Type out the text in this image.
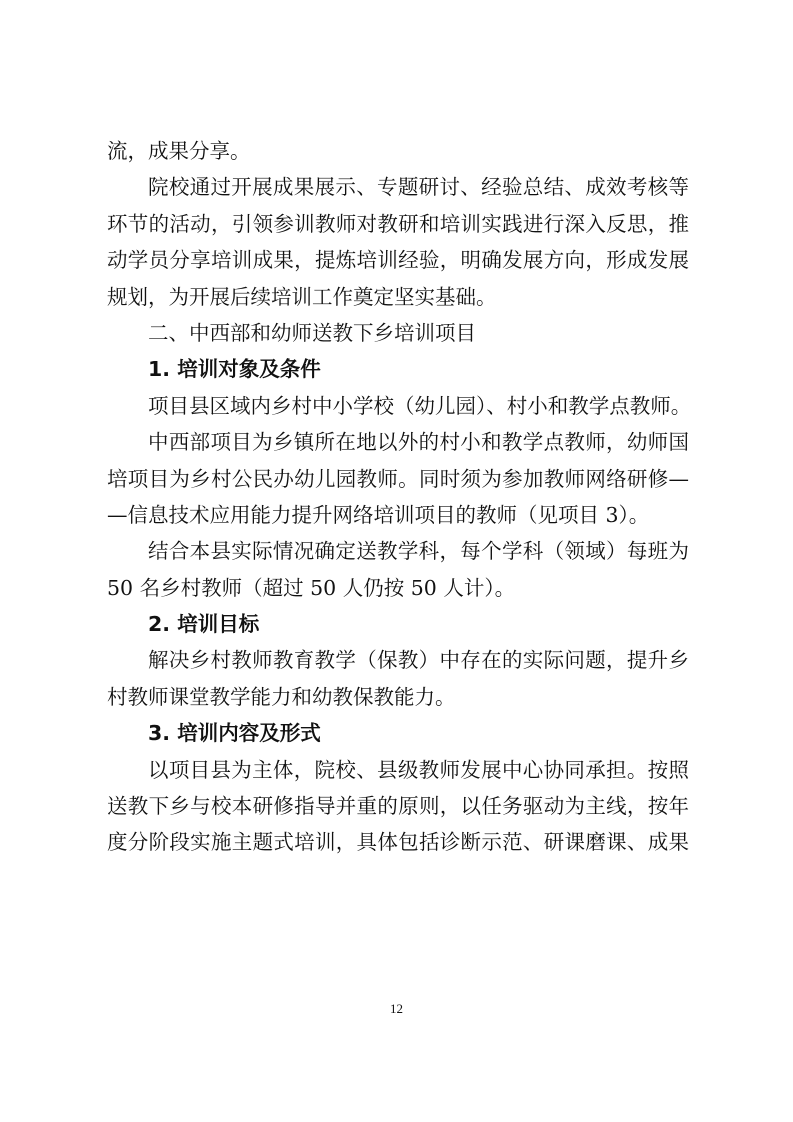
流，成果分享。
院校通过开展成果展示、专题研讨、经验总结、成效考核等
环节的活动，引领参训教师对教研和培训实践进行深入反思，推
动学员分享培训成果，提炼培训经验，明确发展方向，形成发展
规划，为开展后续培训工作奠定坚实基础。
二、中西部和幼师送教下乡培训项目
1. 培训对象及条件
项目县区域内乡村中小学校（幼儿园）、村小和教学点教师。
中西部项目为乡镇所在地以外的村小和教学点教师，幼师国
培项目为乡村公民办幼儿园教师。同时须为参加教师网络研修—
—信息技术应用能力提升网络培训项目的教师（见项目 3）。
结合本县实际情况确定送教学科，每个学科（领域）每班为
50 名乡村教师（超过 50 人仍按 50 人计）。
2. 培训目标
解决乡村教师教育教学（保教）中存在的实际问题，提升乡
村教师课堂教学能力和幼教保教能力。
3. 培训内容及形式
以项目县为主体，院校、县级教师发展中心协同承担。按照
送教下乡与校本研修指导并重的原则，以任务驱动为主线，按年
度分阶段实施主题式培训，具体包括诊断示范、研课磨课、成果
12
